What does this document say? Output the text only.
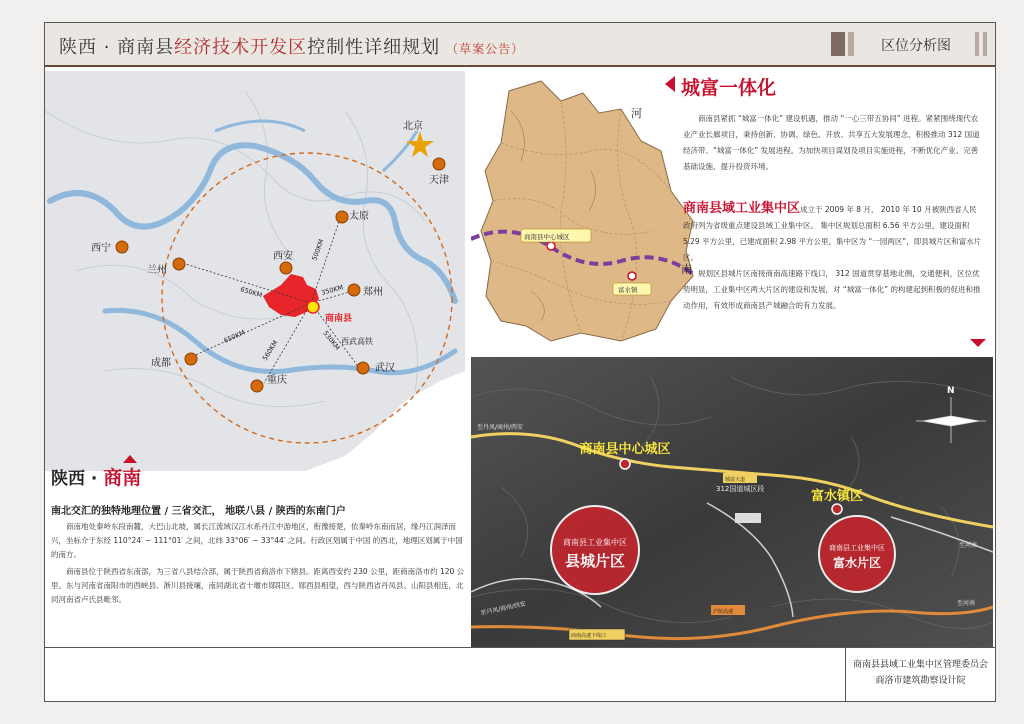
陕西 · 商南县经济技术开发区控制性详细规划 （草案公告）	区位分析图
北京
天津
太原
西宁
兰州
西安
郑州
成都
重庆
武汉
商南县
西武高铁
650KM
500KM
350KM
650KM
560KM	530KM
陕西 · 商南
南北交汇的独特地理位置 / 三省交汇， 地联八县 / 陕西的东南门户

商南地处秦岭东段南麓，大巴山北坡，属长江流域汉江水系丹江中游地区，衔豫接楚，依秦岭东南而居，缘丹江润泽而兴，坐标介于东经 110°24′ ~ 111°01′ 之间，北纬 33°06′ ~ 33°44′ 之间。行政区划属于中国 的西北，地理区划属于中国的南方。

商南县位于陕西省东南部，为三省八县结合部，属于陕西省商洛市下辖县。距离西安约 230 公里，距商南洛市约 120 公里。东与河南省南阳市的西峡县、淅川县接壤，南同湖北省十堰市郧阳区、郧西县相望，西与陕西省丹凤县、山阳县相连，北同河南省卢氏县毗邻。

商南县中心城区
富水镇
河
南
城富一体化

商南县紧抓 “城富一体化” 建设机遇，推动 “一心三带五协同” 进程。紧紧围绕现代农业产业长廊项目，秉持创新、协调、绿色、开放、共享五大发展理念，积极推动 312 国道经济带、“城富一体化” 发展进程。为加快项目谋划及项目实施进程，不断优化产业、完善基础设施、提升投资环境。

商南县域工业集中区成立于 2009 年 8 月， 2010 年 10 月被陕西省人民政府列为省级重点建设县域工业集中区。 集中区规划总面积 6.56 平方公里，建设面积 5.29 平方公里，已建成面积 2.98 平方公里，集中区为 “一园两区”，即县城片区和富水片区。

规划区县城片区南接商南高速路下线口， 312 国道贯穿基地北侧，交通便利，区位优势明显，工业集中区两大片区的建设和发展，对 “城富一体化” 的构建起到积极的促进和推动作用，有效形成商南县产城融合的有力发展。

商南县中心城区
富水镇区
312国道城区段
商南县工业集中区
县城片区
商南县工业集中区
富水片区
至丹凤/商州/西安
至丹凤/商州/西安
至河南
至河南
城富大道
沪陕高速
商南高速下线口
N
商南县县域工业集中区管理委员会
商洛市建筑勘察设计院
